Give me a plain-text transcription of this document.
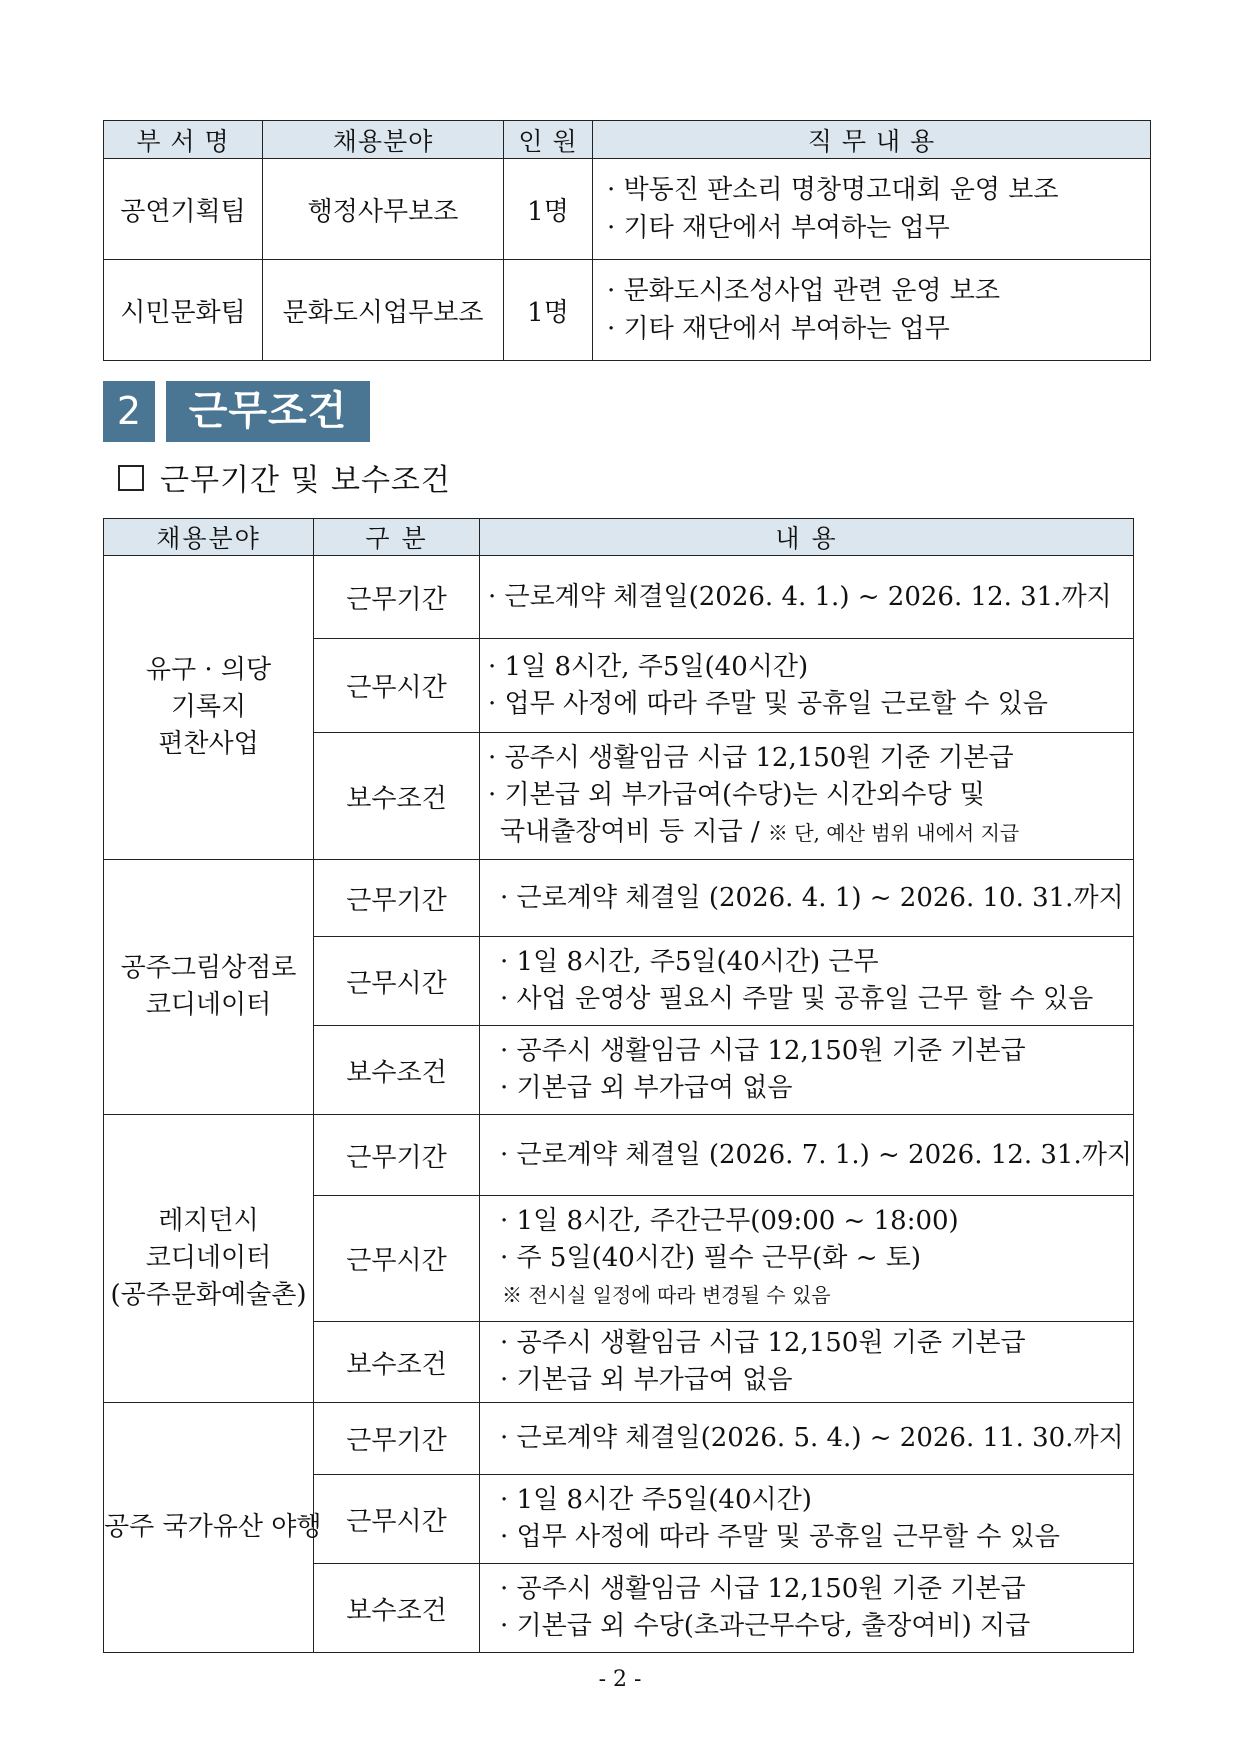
부 서 명	채용분야	인 원	직 무 내 용
공연기획팀	행정사무보조	1명	· 박동진 판소리 명창명고대회 운영 보조
· 기타 재단에서 부여하는 업무

시민문화팀	문화도시업무보조	1명	· 문화도시조성사업 관련 운영 보조
· 기타 재단에서 부여하는 업무
2	근무조건
근무기간 및 보수조건
채용분야	구 분	내 용

유구 · 의당
기록지
편찬사업	근무기간	· 근로계약 체결일(2026. 4. 1.) ~ 2026. 12. 31.까지

	근무시간	· 1일 8시간, 주5일(40시간)
· 업무 사정에 따라 주말 및 공휴일 근로할 수 있음

	보수조건	· 공주시 생활임금 시급 12,150원 기준 기본급
· 기본급 외 부가급여(수당)는 시간외수당 및
국내출장여비 등 지급 / ※ 단, 예산 범위 내에서 지급

공주그림상점로
코디네이터	근무기간	· 근로계약 체결일 (2026. 4. 1) ~ 2026. 10. 31.까지

	근무시간	· 1일 8시간, 주5일(40시간) 근무
· 사업 운영상 필요시 주말 및 공휴일 근무 할 수 있음

	보수조건	· 공주시 생활임금 시급 12,150원 기준 기본급
· 기본급 외 부가급여 없음

레지던시
코디네이터
(공주문화예술촌)	근무기간	· 근로계약 체결일 (2026. 7. 1.) ~ 2026. 12. 31.까지

	근무시간	· 1일 8시간, 주간근무(09:00 ~ 18:00)
· 주 5일(40시간) 필수 근무(화 ~ 토)
※ 전시실 일정에 따라 변경될 수 있음

	보수조건	· 공주시 생활임금 시급 12,150원 기준 기본급
· 기본급 외 부가급여 없음

공주 국가유산 야행	근무기간	· 근로계약 체결일(2026. 5. 4.) ~ 2026. 11. 30.까지

	근무시간	· 1일 8시간 주5일(40시간)
· 업무 사정에 따라 주말 및 공휴일 근무할 수 있음

	보수조건	· 공주시 생활임금 시급 12,150원 기준 기본급
· 기본급 외 수당(초과근무수당, 출장여비) 지급
- 2 -
